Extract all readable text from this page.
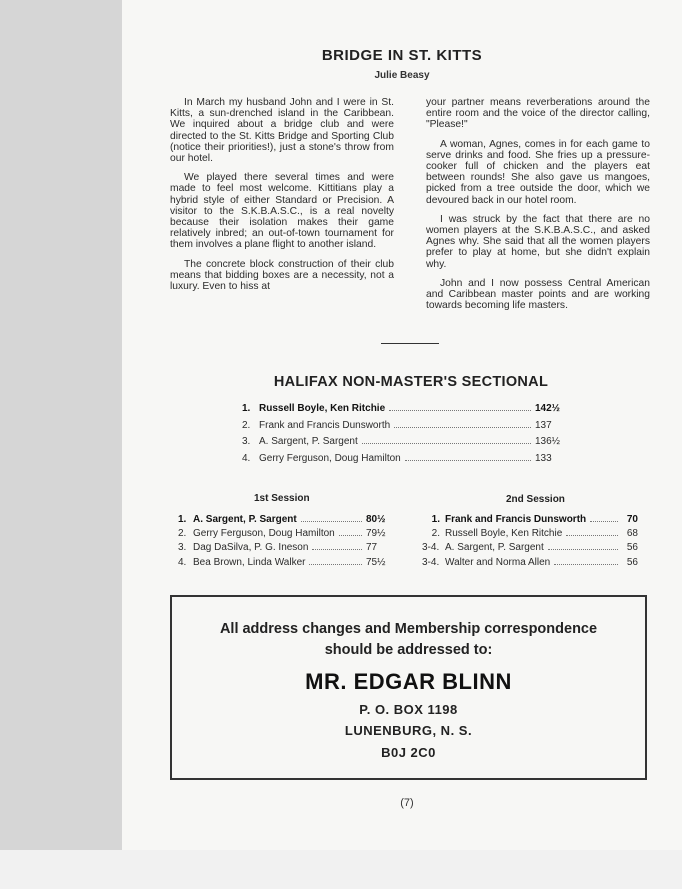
BRIDGE IN ST. KITTS
Julie Beasy

In March my husband John and I were in St. Kitts, a sun-drenched island in the Caribbean. We inquired about a bridge club and were directed to the St. Kitts Bridge and Sporting Club (notice their priorities!), just a stone's throw from our hotel.

We played there several times and were made to feel most welcome. Kittitians play a hybrid style of either Standard or Precision. A visitor to the S.K.B.A.S.C., is a real novelty because their isolation makes their game relatively inbred; an out-of-town tournament for them involves a plane flight to another island.

The concrete block construction of their club means that bidding boxes are a necessity, not a luxury. Even to hiss at

your partner means reverberations around the entire room and the voice of the director calling, "Please!"

A woman, Agnes, comes in for each game to serve drinks and food. She fries up a pressure-cooker full of chicken and the players eat between rounds! She also gave us mangoes, picked from a tree outside the door, which we devoured back in our hotel room.

I was struck by the fact that there are no women players at the S.K.B.A.S.C., and asked Agnes why. She said that all the women players prefer to play at home, but she didn't explain why.

John and I now possess Central American and Caribbean master points and are working towards becoming life masters.

HALIFAX NON-MASTER'S SECTIONAL
1. Russell Boyle, Ken Ritchie	142½
2. Frank and Francis Dunsworth	137
3. A. Sargent, P. Sargent	136½
4. Gerry Ferguson, Doug Hamilton	133
1st Session	2nd Session
1. A. Sargent, P. Sargent	80½
2. Gerry Ferguson, Doug Hamilton	79½
3. Dag DaSilva, P. G. Ineson	77
4. Bea Brown, Linda Walker	75½
1. Frank and Francis Dunsworth	70
2. Russell Boyle, Ken Ritchie	68
3-4. A. Sargent, P. Sargent	56
3-4. Walter and Norma Allen	56
All address changes and Membership correspondence
should be addressed to:
MR. EDGAR BLINN
P. O. BOX 1198
LUNENBURG, N. S.
B0J 2C0
(7)
